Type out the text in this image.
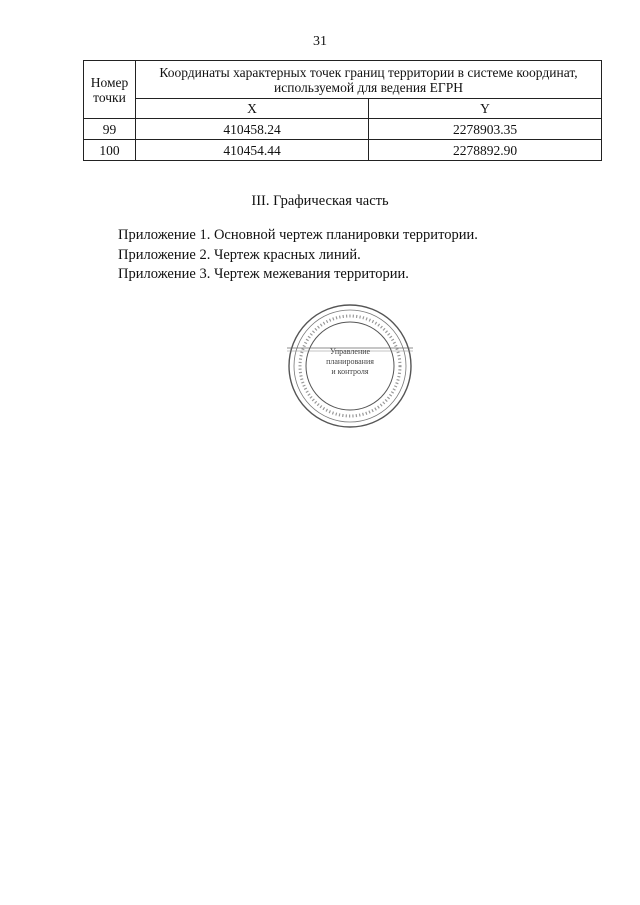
31
Номер точки	Координаты характерных точек границ территории в системе координат, используемой для ведения ЕГРН	
	X	Y
99	410458.24	2278903.35
100	410454.44	2278892.90
III. Графическая часть
Приложение 1. Основной чертеж планировки территории.
Приложение 2. Чертеж красных линий.
Приложение 3. Чертеж межевания территории.
Управление
планирования
и контроля
